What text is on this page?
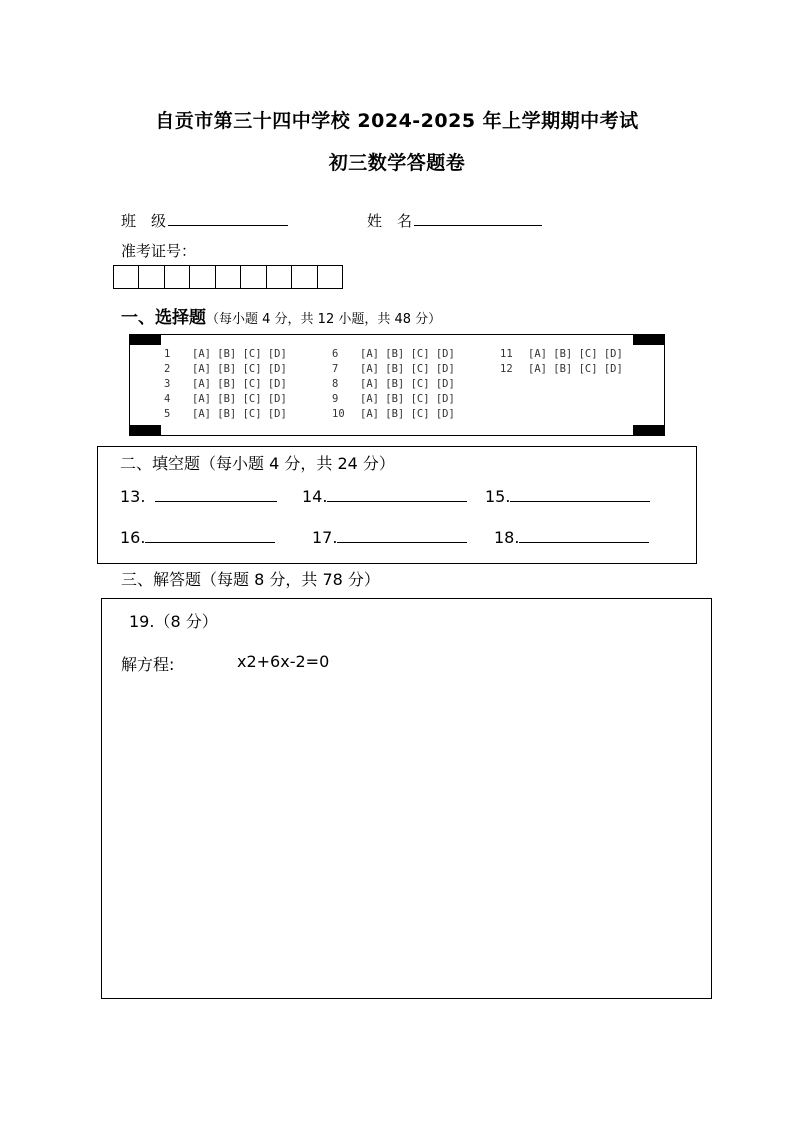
自贡市第三十四中学校 2024-2025 年上学期期中考试
初三数学答题卷
班　级	姓　名
准考证号：
一、选择题（每小题 4 分，共 12 小题，共 48 分）
1 [A] [B] [C] [D]
2 [A] [B] [C] [D]
3 [A] [B] [C] [D]
4 [A] [B] [C] [D]
5 [A] [B] [C] [D]
6 [A] [B] [C] [D]
7 [A] [B] [C] [D]
8 [A] [B] [C] [D]
9 [A] [B] [C] [D]
10 [A] [B] [C] [D]
11 [A] [B] [C] [D]
12 [A] [B] [C] [D]
二、填空题（每小题 4 分，共 24 分）
13.	14.	15.
16.	17.	18.
三、解答题（每题 8 分，共 78 分）
19.（8 分）
解方程:	x2+6x-2=0
